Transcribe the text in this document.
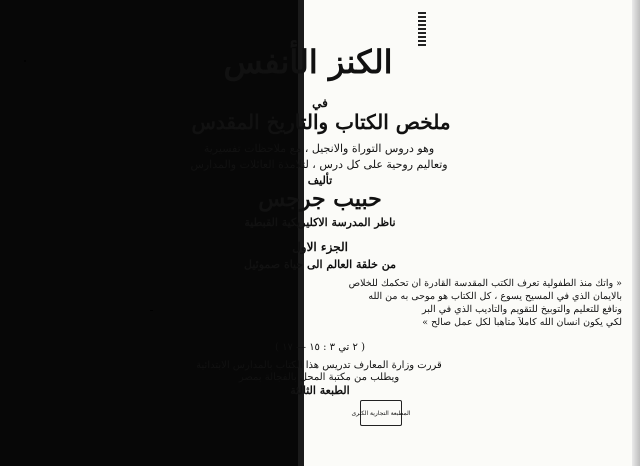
الكنز الأنفس
في
ملخص الكتاب والتاريخ المقدس
وهو دروس التوراة والانجيل ، مع ملاحظات تفسيرية
وتعاليم روحية على كل درس ، لتلامذة العائلات والمدارس
تأليف
حبيب جرجس
ناظر المدرسة الاكليريكية القبطية
الجزء الاول
من خلقة العالم الى حياة صموئيل
« واتك منذ الطفولية تعرف الكتب المقدسة القادرة أن تحكمك للخلاص
بالايمان الذي في المسيح يسوع ، كل الكتاب هو موحى به من الله
ونافع للتعليم والتوبيخ للتقويم والتأديب الذي في البر
لكي يكون انسان الله كاملاً متأهباً لكل عمل صالح »
( ٢ تي ٣ : ١٥ — ١٧ )
قررت وزارة المعارف تدريس هذا الكتاب بالمدارس الابتدائية
ويطلب من مكتبة المحل بالفجالة بمصر
الطبعة الثالثة
المطبعة التجارية الكبرى
